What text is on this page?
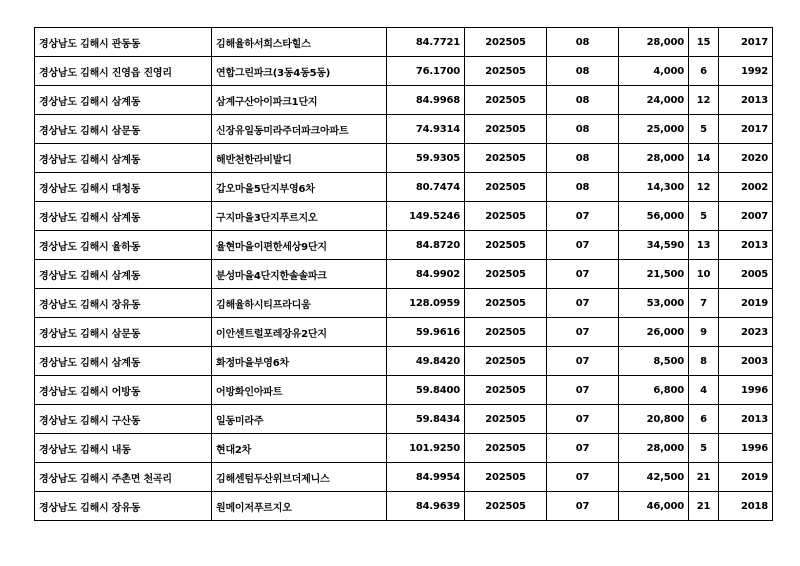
경상남도 김해시 관동동	김해율하서희스타힐스	84.7721	202505	08	28,000	15	2017
경상남도 김해시 진영읍 진영리	연합그린파크(3동4동5동)	76.1700	202505	08	4,000	6	1992
경상남도 김해시 삼계동	삼계구산아이파크1단지	84.9968	202505	08	24,000	12	2013
경상남도 김해시 삼문동	신장유일동미라주더파크아파트	74.9314	202505	08	25,000	5	2017
경상남도 김해시 삼계동	해반천한라비발디	59.9305	202505	08	28,000	14	2020
경상남도 김해시 대청동	갑오마을5단지부영6차	80.7474	202505	08	14,300	12	2002
경상남도 김해시 삼계동	구지마을3단지푸르지오	149.5246	202505	07	56,000	5	2007
경상남도 김해시 율하동	율현마을이편한세상9단지	84.8720	202505	07	34,590	13	2013
경상남도 김해시 삼계동	분성마을4단지한솔솔파크	84.9902	202505	07	21,500	10	2005
경상남도 김해시 장유동	김해율하시티프라디움	128.0959	202505	07	53,000	7	2019
경상남도 김해시 삼문동	이안센트럴포레장유2단지	59.9616	202505	07	26,000	9	2023
경상남도 김해시 삼계동	화정마을부영6차	49.8420	202505	07	8,500	8	2003
경상남도 김해시 어방동	어방화인아파트	59.8400	202505	07	6,800	4	1996
경상남도 김해시 구산동	일동미라주	59.8434	202505	07	20,800	6	2013
경상남도 김해시 내동	현대2차	101.9250	202505	07	28,000	5	1996
경상남도 김해시 주촌면 천곡리	김해센텀두산위브더제니스	84.9954	202505	07	42,500	21	2019
경상남도 김해시 장유동	원메이저푸르지오	84.9639	202505	07	46,000	21	2018
